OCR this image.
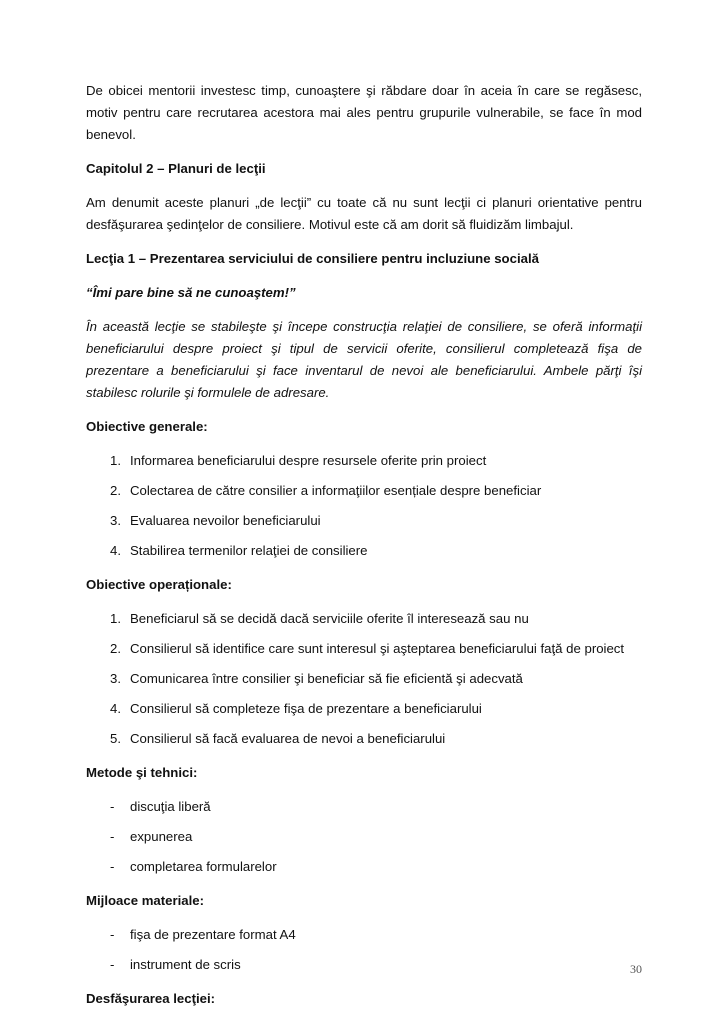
De obicei mentorii investesc timp, cunoaştere şi răbdare doar în aceia în care se regăsesc, motiv pentru care recrutarea acestora mai ales pentru grupurile vulnerabile, se face în mod benevol.

Capitolul 2 – Planuri de lecţii

Am denumit aceste planuri „de lecţii” cu toate că nu sunt lecţii ci planuri orientative pentru desfăşurarea şedinţelor de consiliere. Motivul este că am dorit să fluidizăm limbajul.

Lecţia 1 – Prezentarea serviciului de consiliere pentru incluziune socială

“Îmi pare bine să ne cunoaştem!”

În această lecţie se stabileşte şi începe construcţia relaţiei de consiliere, se oferă informaţii beneficiarului despre proiect şi tipul de servicii oferite, consilierul completează fişa de prezentare a beneficiarului şi face inventarul de nevoi ale beneficiarului. Ambele părţi îşi stabilesc rolurile şi formulele de adresare.

Obiective generale:

1. Informarea beneficiarului despre resursele oferite prin proiect
2. Colectarea de către consilier a informaţiilor esențiale despre beneficiar
3. Evaluarea nevoilor beneficiarului
4. Stabilirea termenilor relaţiei de consiliere

Obiective operaționale:

1. Beneficiarul să se decidă dacă serviciile oferite îl interesează sau nu
2. Consilierul să identifice care sunt interesul şi aşteptarea beneficiarului faţă de proiect
3. Comunicarea între consilier şi beneficiar să fie eficientă şi adecvată
4. Consilierul să completeze fişa de prezentare a beneficiarului
5. Consilierul să facă evaluarea de nevoi a beneficiarului

Metode şi tehnici:

-	discuţia liberă
-	expunerea
-	completarea formularelor

Mijloace materiale:

-	fişa de prezentare format A4
-	instrument de scris

Desfăşurarea lecţiei:

30
